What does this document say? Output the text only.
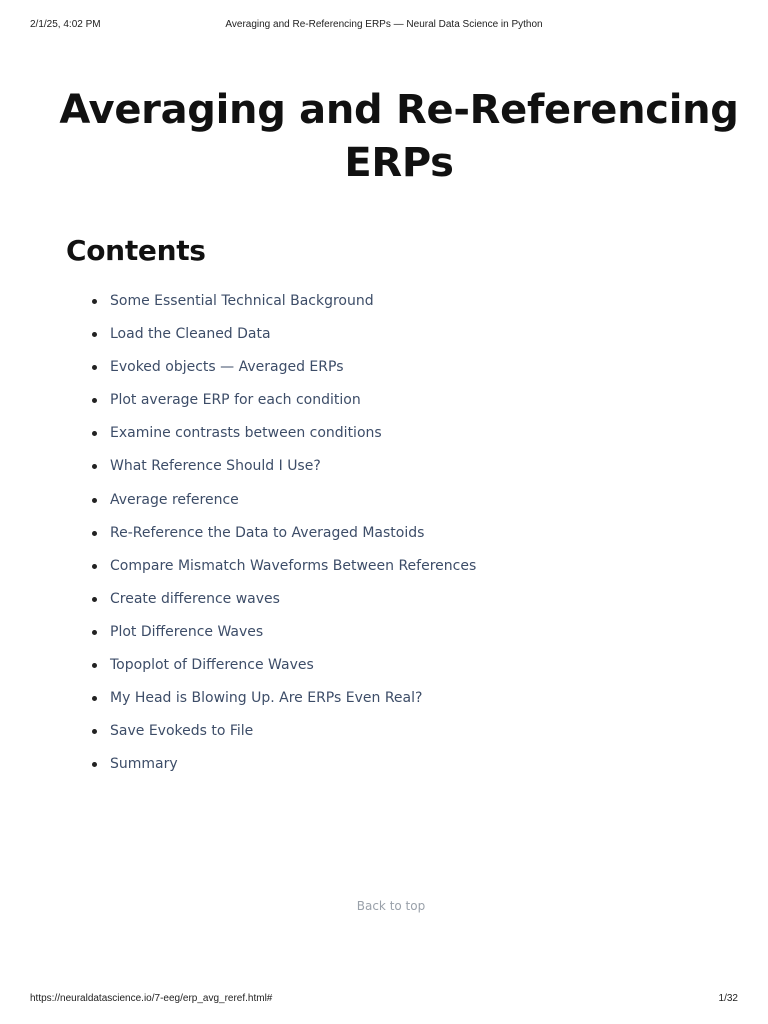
2/1/25, 4:02 PM	Averaging and Re-Referencing ERPs — Neural Data Science in Python
Averaging and Re-Referencing ERPs
Contents
Some Essential Technical Background
Load the Cleaned Data
Evoked objects — Averaged ERPs
Plot average ERP for each condition
Examine contrasts between conditions
What Reference Should I Use?
Average reference
Re-Reference the Data to Averaged Mastoids
Compare Mismatch Waveforms Between References
Create difference waves
Plot Difference Waves
Topoplot of Difference Waves
My Head is Blowing Up. Are ERPs Even Real?
Save Evokeds to File
Summary
Back to top
https://neuraldatascience.io/7-eeg/erp_avg_reref.html#	1/32
